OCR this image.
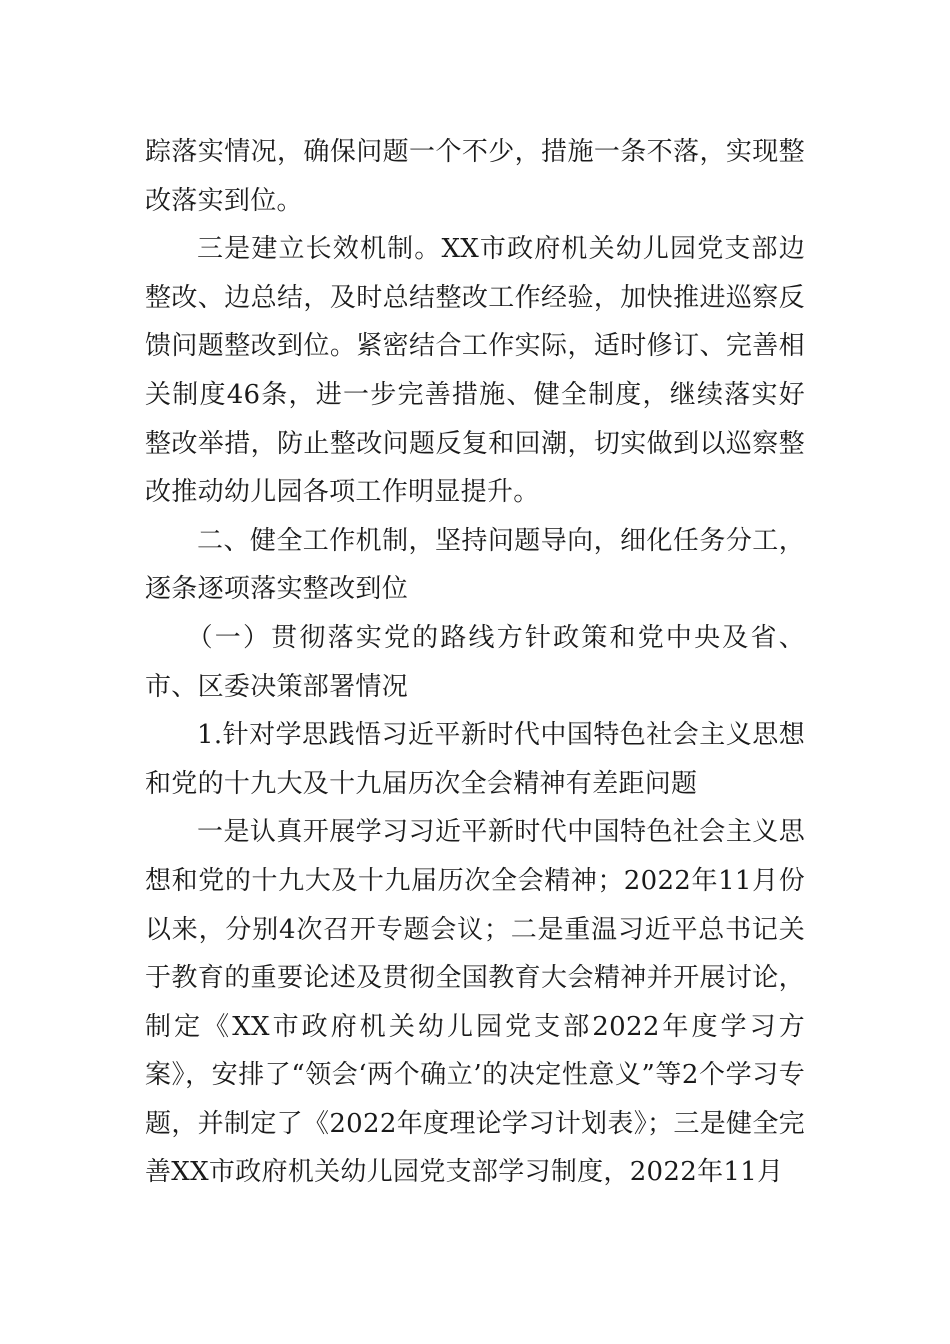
踪落实情况，确保问题一个不少，措施一条不落，实现整改落实到位。

三是建立长效机制。XX市政府机关幼儿园党支部边整改、边总结，及时总结整改工作经验，加快推进巡察反馈问题整改到位。紧密结合工作实际，适时修订、完善相关制度46条，进一步完善措施、健全制度，继续落实好整改举措，防止整改问题反复和回潮，切实做到以巡察整改推动幼儿园各项工作明显提升。

二、健全工作机制，坚持问题导向，细化任务分工，逐条逐项落实整改到位

（一）贯彻落实党的路线方针政策和党中央及省、市、区委决策部署情况

1.针对学思践悟习近平新时代中国特色社会主义思想和党的十九大及十九届历次全会精神有差距问题

一是认真开展学习习近平新时代中国特色社会主义思想和党的十九大及十九届历次全会精神；2022年11月份以来，分别4次召开专题会议；二是重温习近平总书记关于教育的重要论述及贯彻全国教育大会精神并开展讨论，制定《XX市政府机关幼儿园党支部2022年度学习方案》，安排了“领会‘两个确立’的决定性意义”等2个学习专题，并制定了《2022年度理论学习计划表》；三是健全完善XX市政府机关幼儿园党支部学习制度，2022年11月
